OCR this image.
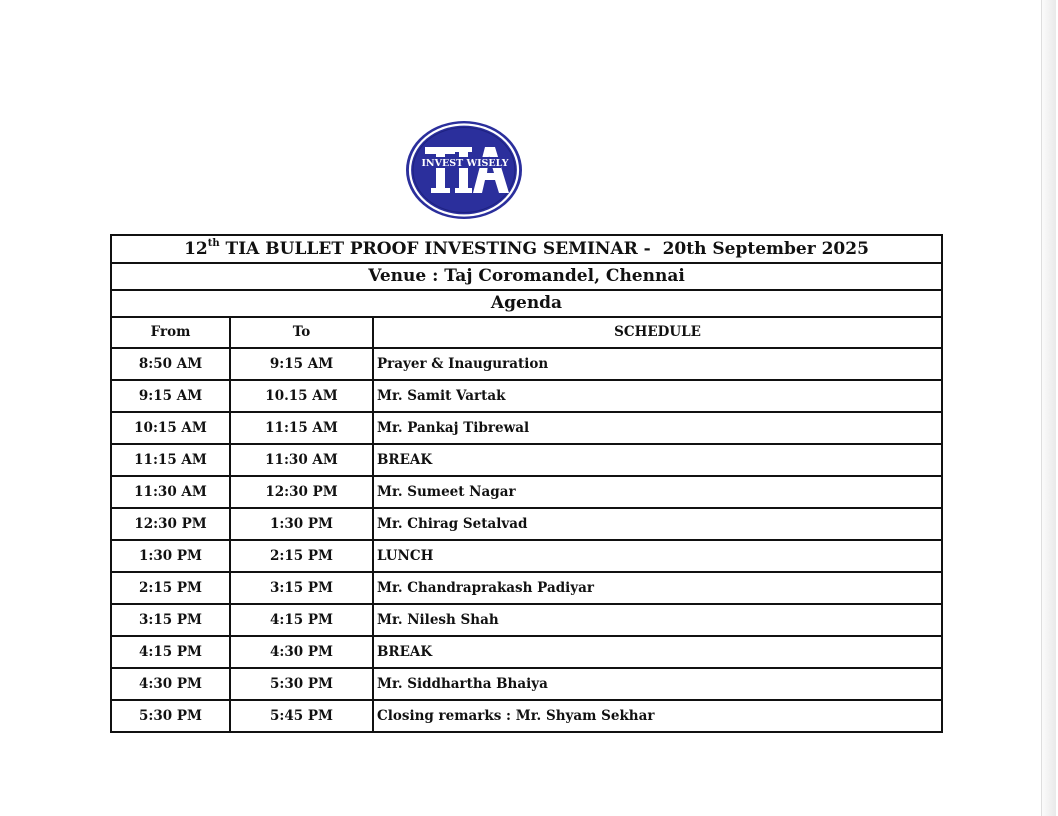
INVEST WISELY
12th TIA BULLET PROOF INVESTING SEMINAR -  20th September 2025		
Venue : Taj Coromandel, Chennai		
Agenda		
From	To	SCHEDULE
8:50 AM	9:15 AM	Prayer & Inauguration
9:15 AM	10.15 AM	Mr. Samit Vartak
10:15 AM	11:15 AM	Mr. Pankaj Tibrewal
11:15 AM	11:30 AM	BREAK
11:30 AM	12:30 PM	Mr. Sumeet Nagar
12:30 PM	1:30 PM	Mr. Chirag Setalvad
1:30 PM	2:15 PM	LUNCH
2:15 PM	3:15 PM	Mr. Chandraprakash Padiyar
3:15 PM	4:15 PM	Mr. Nilesh Shah
4:15 PM	4:30 PM	BREAK
4:30 PM	5:30 PM	Mr. Siddhartha Bhaiya
5:30 PM	5:45 PM	Closing remarks : Mr. Shyam Sekhar
